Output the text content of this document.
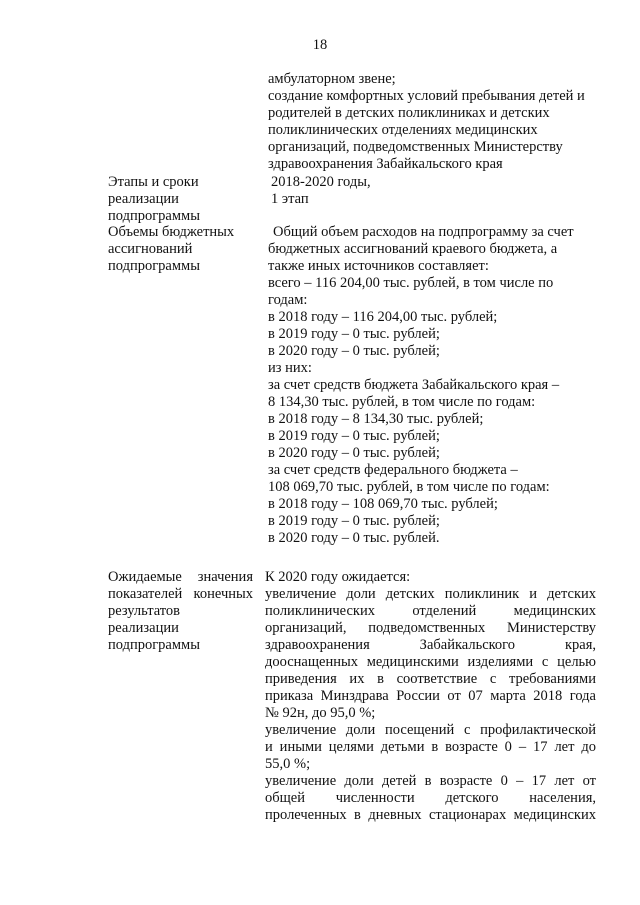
18
амбулаторном звене;
создание комфортных условий пребывания детей и
родителей в детских поликлиниках и детских
поликлинических отделениях медицинских
организаций, подведомственных Министерству
здравоохранения Забайкальского края
Этапы и сроки
реализации
подпрограммы
2018-2020 годы,
1 этап
Объемы бюджетных
ассигнований
подпрограммы
Общий объем расходов на подпрограмму за счет
бюджетных ассигнований краевого бюджета, а
также иных источников составляет:
всего – 116 204,00 тыс. рублей, в том числе по
годам:
в 2018 году – 116 204,00 тыс. рублей;
в 2019 году – 0 тыс. рублей;
в 2020 году – 0 тыс. рублей;
из них:
за счет средств бюджета Забайкальского края –
8 134,30 тыс. рублей, в том числе по годам:
в 2018 году – 8 134,30 тыс. рублей;
в 2019 году – 0 тыс. рублей;
в 2020 году – 0 тыс. рублей;
за счет средств федерального бюджета –
108 069,70 тыс. рублей, в том числе по годам:
в 2018 году – 108 069,70 тыс. рублей;
в 2019 году – 0 тыс. рублей;
в 2020 году – 0 тыс. рублей.
Ожидаемые значения
показателей конечных
результатов
реализации
подпрограммы
К 2020 году ожидается:
увеличение доли детских поликлиник и детских
поликлинических отделений медицинских
организаций, подведомственных Министерству
здравоохранения Забайкальского края,
дооснащенных медицинскими изделиями с целью
приведения их в соответствие с требованиями
приказа Минздрава России от 07 марта 2018 года
№ 92н, до 95,0 %;
увеличение доли посещений с профилактической
и иными целями детьми в возрасте 0 – 17 лет до
55,0 %;
увеличение доли детей в возрасте 0 – 17 лет от
общей численности детского населения,
пролеченных в дневных стационарах медицинских
